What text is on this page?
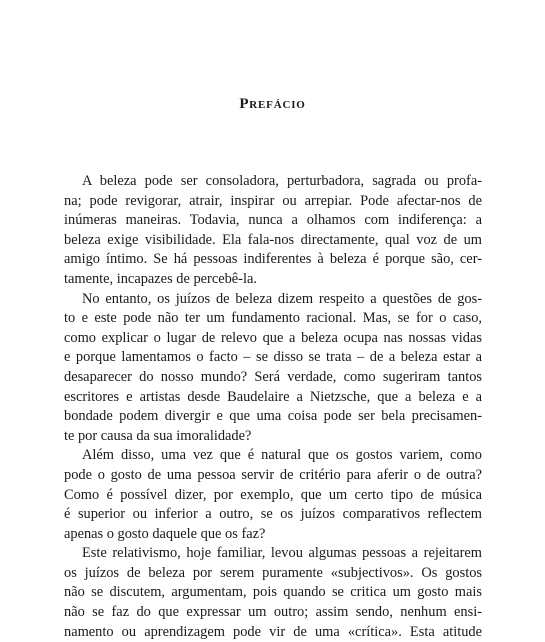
Prefácio
A beleza pode ser consoladora, perturbadora, sagrada ou profa-
na; pode revigorar, atrair, inspirar ou arrepiar. Pode afectar-nos de
inúmeras maneiras. Todavia, nunca a olhamos com indiferença: a
beleza exige visibilidade. Ela fala-nos directamente, qual voz de um
amigo íntimo. Se há pessoas indiferentes à beleza é porque são, cer-
tamente, incapazes de percebê-la.
No entanto, os juízos de beleza dizem respeito a questões de gos-
to e este pode não ter um fundamento racional. Mas, se for o caso,
como explicar o lugar de relevo que a beleza ocupa nas nossas vidas
e porque lamentamos o facto – se disso se trata – de a beleza estar a
desaparecer do nosso mundo? Será verdade, como sugeriram tantos
escritores e artistas desde Baudelaire a Nietzsche, que a beleza e a
bondade podem divergir e que uma coisa pode ser bela precisamen-
te por causa da sua imoralidade?
Além disso, uma vez que é natural que os gostos variem, como
pode o gosto de uma pessoa servir de critério para aferir o de outra?
Como é possível dizer, por exemplo, que um certo tipo de música
é superior ou inferior a outro, se os juízos comparativos reflectem
apenas o gosto daquele que os faz?
Este relativismo, hoje familiar, levou algumas pessoas a rejeitarem
os juízos de beleza por serem puramente «subjectivos». Os gostos
não se discutem, argumentam, pois quando se critica um gosto mais
não se faz do que expressar um outro; assim sendo, nenhum ensi-
namento ou aprendizagem pode vir de uma «crítica». Esta atitude
